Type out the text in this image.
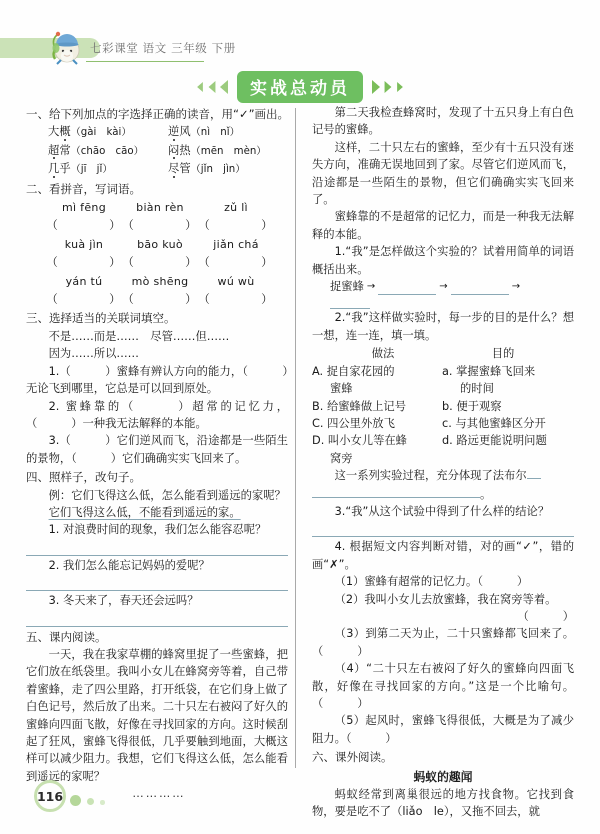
七彩课堂 语文 三年级 下册
实战总动员
一、给下列加点的字选择正确的读音，用“✓”画出。
大概（gài　kài）	逆风（nì　nǐ）
超常（chāo　cāo）	闷热（mēn　mèn）
几乎（jī　jǐ）	尽管（jǐn　jìn）
二、看拼音，写词语。
mì fēng	biàn rèn	zǔ lì
（　　　　） （　　　　） （　　　　）
kuà jìn	bāo kuò	jiǎn chá
（　　　　） （　　　　） （　　　　）
yán tú	mò shēng	wú wù
（　　　　） （　　　　） （　　　　）
三、选择适当的关联词填空。
不是……而是……　尽管……但……
因为……所以……
1.（　　　）蜜蜂有辨认方向的能力，（　　　）无论飞到哪里，它总是可以回到原处。
2. 蜜蜂靠的（　　　）超常的记忆力，（　　　）一种我无法解释的本能。
3.（　　　）它们逆风而飞，沿途都是一些陌生的景物，（　　　）它们确确实实飞回来了。
四、照样子，改句子。
例：它们飞得这么低，怎么能看到遥远的家呢？
它们飞得这么低，不能看到遥远的家。
1. 对浪费时间的现象，我们怎么能容忍呢？
2. 我们怎么能忘记妈妈的爱呢？
3. 冬天来了，春天还会远吗？
五、课内阅读。
一天，我在我家草棚的蜂窝里捉了一些蜜蜂，把它们放在纸袋里。我叫小女儿在蜂窝旁等着，自己带着蜜蜂，走了四公里路，打开纸袋，在它们身上做了白色记号，然后放了出来。二十只左右被闷了好久的蜜蜂向四面飞散，好像在寻找回家的方向。这时候刮起了狂风，蜜蜂飞得很低，几乎要触到地面，大概这样可以减少阻力。我想，它们飞得这么低，怎么能看到遥远的家呢？
…………
第二天我检查蜂窝时，发现了十五只身上有白色记号的蜜蜂。
这样，二十只左右的蜜蜂，至少有十五只没有迷失方向，准确无误地回到了家。尽管它们逆风而飞，沿途都是一些陌生的景物，但它们确确实实飞回来了。
蜜蜂靠的不是超常的记忆力，而是一种我无法解释的本能。
1.“我”是怎样做这个实验的？试着用简单的词语概括出来。
捉蜜蜂 →	→	→
2.“我”这样做实验时，每一步的目的是什么？想一想，连一连，填一填。
做法	目的
A. 捉自家花园的	a. 掌握蜜蜂飞回来
蜜蜂	的时间
B. 给蜜蜂做上记号	b. 便于观察
C. 四公里外放飞	c. 与其他蜜蜂区分开
D. 叫小女儿等在蜂	d. 路远更能说明问题
窝旁
这一系列实验过程，充分体现了法布尔
。
3.“我”从这个试验中得到了什么样的结论？
4. 根据短文内容判断对错，对的画“✓”，错的画“✗”。
（1）蜜蜂有超常的记忆力。（　　　）
（2）我叫小女儿去放蜜蜂，我在窝旁等着。
（　　　）
（3）到第二天为止，二十只蜜蜂都飞回来了。（　　　）
（4）“二十只左右被闷了好久的蜜蜂向四面飞散，好像在寻找回家的方向。”这是一个比喻句。（　　　）
（5）起风时，蜜蜂飞得很低，大概是为了减少阻力。（　　　）
六、课外阅读。
蚂蚁的趣闻
蚂蚁经常到离巢很远的地方找食物。它找到食物，要是吃不了（liǎo　le），又拖不回去，就
116
